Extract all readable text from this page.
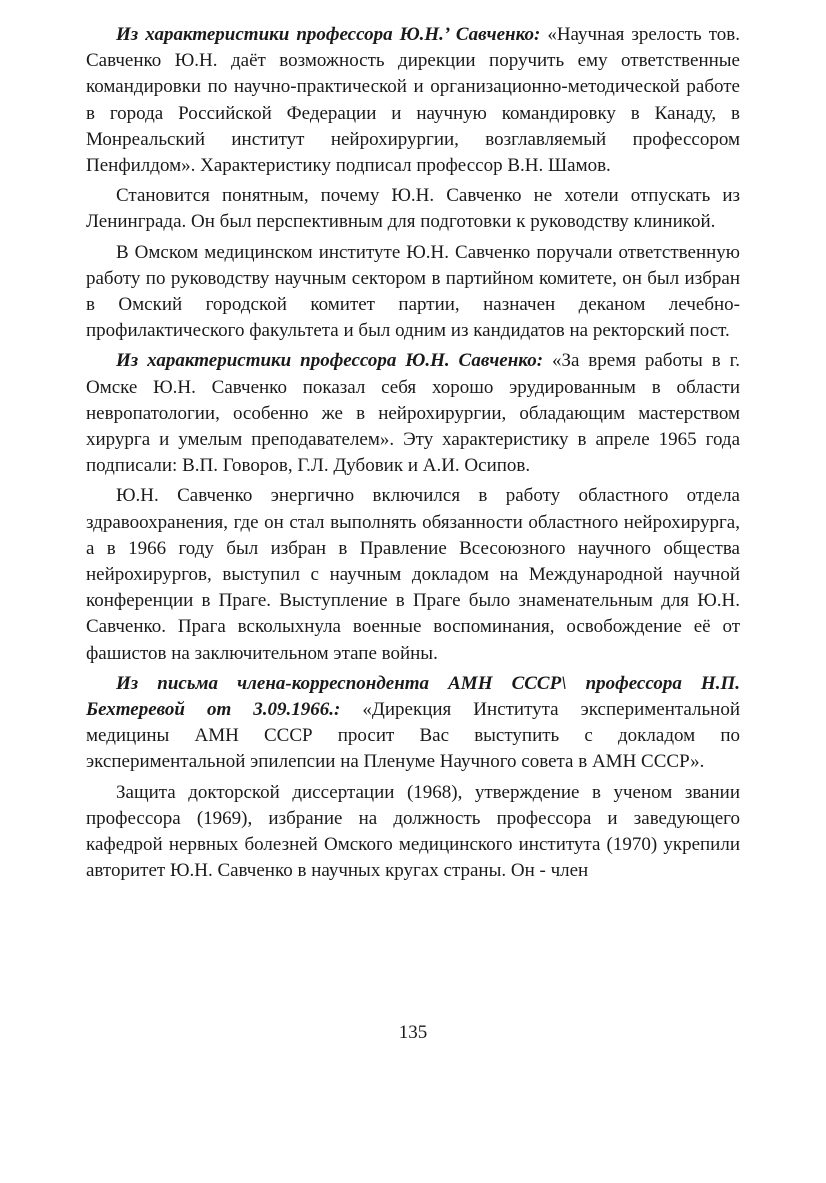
Из характеристики профессора Ю.Н.’ Савченко: «Научная зрелость тов. Савченко Ю.Н. даёт возможность дирекции поручить ему ответственные командировки по научно-практической и организационно-методической работе в города Российской Федерации и научную командировку в Канаду, в Монреальский институт нейрохирургии, возглавляемый профессором Пенфилдом». Характеристику подписал профессор В.Н. Шамов.

Становится понятным, почему Ю.Н. Савченко не хотели отпускать из Ленинграда. Он был перспективным для подготовки к руководству клиникой.

В Омском медицинском институте Ю.Н. Савченко поручали ответственную работу по руководству научным сектором в партийном комитете, он был избран в Омский городской комитет партии, назначен деканом лечебно-профилактического факультета и был одним из кандидатов на ректорский пост.

Из характеристики профессора Ю.Н. Савченко: «За время работы в г. Омске Ю.Н. Савченко показал себя хорошо эрудированным в области невропатологии, особенно же в нейрохирургии, обладающим мастерством хирурга и умелым преподавателем». Эту характеристику в апреле 1965 года подписали: В.П. Говоров, Г.Л. Дубовик и А.И. Осипов.

Ю.Н. Савченко энергично включился в работу областного отдела здравоохранения, где он стал выполнять обязанности областного нейрохирурга, а в 1966 году был избран в Правление Всесоюзного научного общества нейрохирургов, выступил с научным докладом на Международной научной конференции в Праге. Выступление в Праге было знаменательным для Ю.Н. Савченко. Прага всколыхнула военные воспоминания, освобождение её от фашистов на заключительном этапе войны.

Из письма члена-корреспондента АМН СССР\ профессора Н.П. Бехтеревой от 3.09.1966.: «Дирекция Института экспериментальной медицины АМН СССР просит Вас выступить с докладом по экспериментальной эпилепсии на Пленуме Научного совета в АМН СССР».

Защита докторской диссертации (1968), утверждение в ученом звании профессора (1969), избрание на должность профессора и заведующего кафедрой нервных болезней Омского медицинского института (1970) укрепили авторитет Ю.Н. Савченко в научных кругах страны. Он - член

135
